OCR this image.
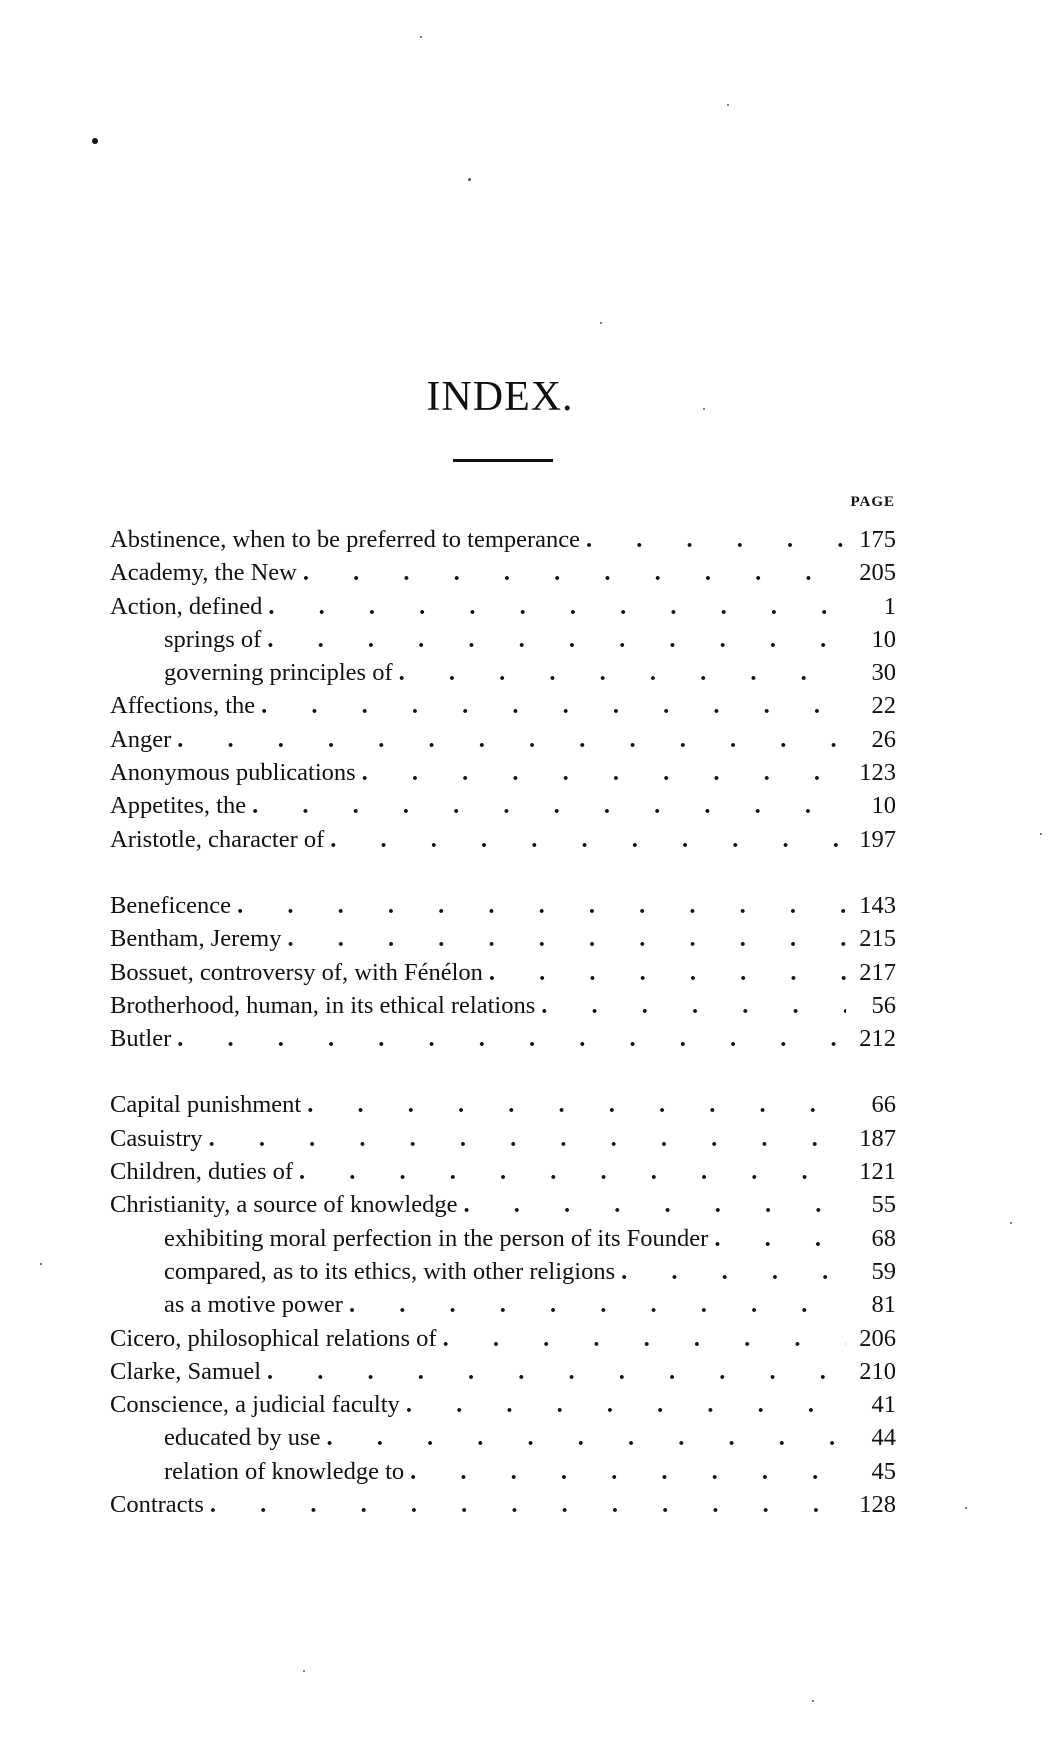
INDEX.
PAGE
Abstinence, when to be preferred to temperance . . .	175
Academy, the New . . .	205
Action, defined . . .	1
springs of . . .	10
governing principles of . . .	30
Affections, the . . .	22
Anger . . .	26
Anonymous publications . . .	123
Appetites, the . . .	10
Aristotle, character of . . .	197
Beneficence . . .	143
Bentham, Jeremy . . .	215
Bossuet, controversy of, with Fénélon . . .	217
Brotherhood, human, in its ethical relations . . .	56
Butler . . .	212
Capital punishment . . .	66
Casuistry . . .	187
Children, duties of . . .	121
Christianity, a source of knowledge . . .	55
exhibiting moral perfection in the person of its Founder . . .	68
compared, as to its ethics, with other religions . . .	59
as a motive power . . .	81
Cicero, philosophical relations of . . .	206
Clarke, Samuel . . .	210
Conscience, a judicial faculty . . .	41
educated by use . . .	44
relation of knowledge to . . .	45
Contracts . . .	128
